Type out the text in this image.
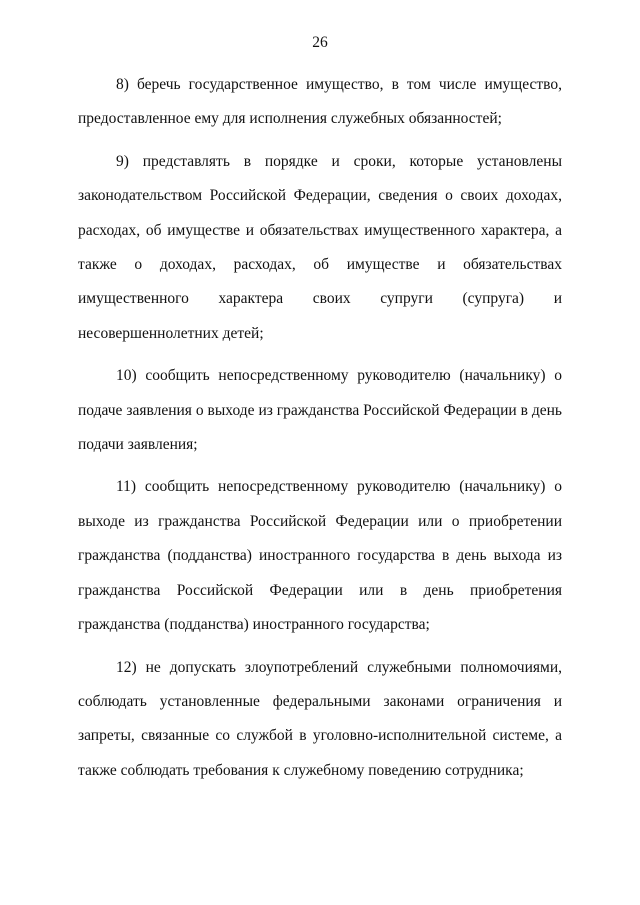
26

8) беречь государственное имущество, в том числе имущество, предоставленное ему для исполнения служебных обязанностей;

9) представлять в порядке и сроки, которые установлены законодательством Российской Федерации, сведения о своих доходах, расходах, об имуществе и обязательствах имущественного характера, а также о доходах, расходах, об имуществе и обязательствах имущественного характера своих супруги (супруга) и несовершеннолетних детей;

10) сообщить непосредственному руководителю (начальнику) о подаче заявления о выходе из гражданства Российской Федерации в день подачи заявления;

11) сообщить непосредственному руководителю (начальнику) о выходе из гражданства Российской Федерации или о приобретении гражданства (подданства) иностранного государства в день выхода из гражданства Российской Федерации или в день приобретения гражданства (подданства) иностранного государства;

12) не допускать злоупотреблений служебными полномочиями, соблюдать установленные федеральными законами ограничения и запреты, связанные со службой в уголовно-исполнительной системе, а также соблюдать требования к служебному поведению сотрудника;
